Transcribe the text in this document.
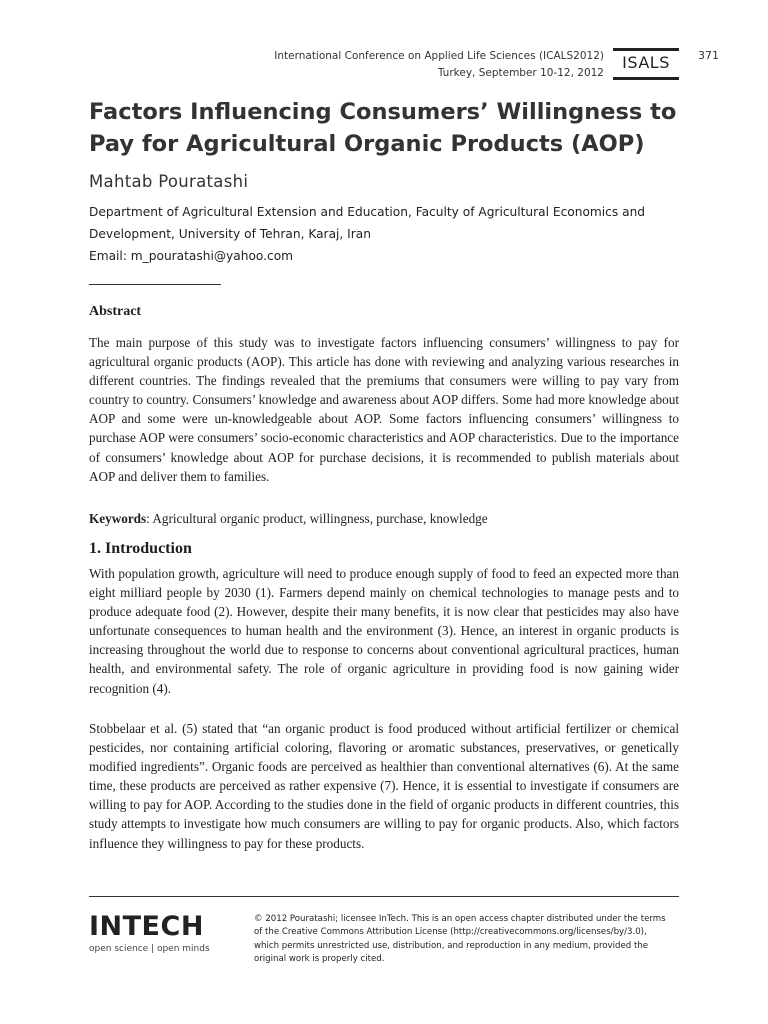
International Conference on Applied Life Sciences (ICALS2012)
Turkey, September 10-12, 2012
ISALS	371
Factors Influencing Consumers’ Willingness to
Pay for Agricultural Organic Products (AOP)
Mahtab Pouratashi
Department of Agricultural Extension and Education, Faculty of Agricultural Economics and
Development, University of Tehran, Karaj, Iran
Email: m_pouratashi@yahoo.com
Abstract
The main purpose of this study was to investigate factors influencing consumers’ willingness to pay for agricultural organic products (AOP). This article has done with reviewing and analyzing various researches in different countries. The findings revealed that the premiums that consumers were willing to pay vary from country to country. Consumers’ knowledge and awareness about AOP differs. Some had more knowledge about AOP and some were un-knowledgeable about AOP. Some factors influencing consumers’ willingness to purchase AOP were consumers’ socio-economic characteristics and AOP characteristics. Due to the importance of consumers’ knowledge about AOP for purchase decisions, it is recommended to publish materials about AOP and deliver them to families.
Keywords: Agricultural organic product, willingness, purchase, knowledge
1. Introduction
With population growth, agriculture will need to produce enough supply of food to feed an expected more than eight milliard people by 2030 (1). Farmers depend mainly on chemical technologies to manage pests and to produce adequate food (2). However, despite their many benefits, it is now clear that pesticides may also have unfortunate consequences to human health and the environment (3). Hence, an interest in organic products is increasing throughout the world due to response to concerns about conventional agricultural practices, human health, and environmental safety. The role of organic agriculture in providing food is now gaining wider recognition (4).
Stobbelaar et al. (5) stated that “an organic product is food produced without artificial fertilizer or chemical pesticides, nor containing artificial coloring, flavoring or aromatic substances, preservatives, or genetically modified ingredients”. Organic foods are perceived as healthier than conventional alternatives (6). At the same time, these products are perceived as rather expensive (7). Hence, it is essential to investigate if consumers are willing to pay for AOP. According to the studies done in the field of organic products in different countries, this study attempts to investigate how much consumers are willing to pay for organic products. Also, which factors influence they willingness to pay for these products.
INTECH
open science | open minds
© 2012 Pouratashi; licensee InTech. This is an open access chapter distributed under the terms
of the Creative Commons Attribution License (http://creativecommons.org/licenses/by/3.0),
which permits unrestricted use, distribution, and reproduction in any medium, provided the
original work is properly cited.
